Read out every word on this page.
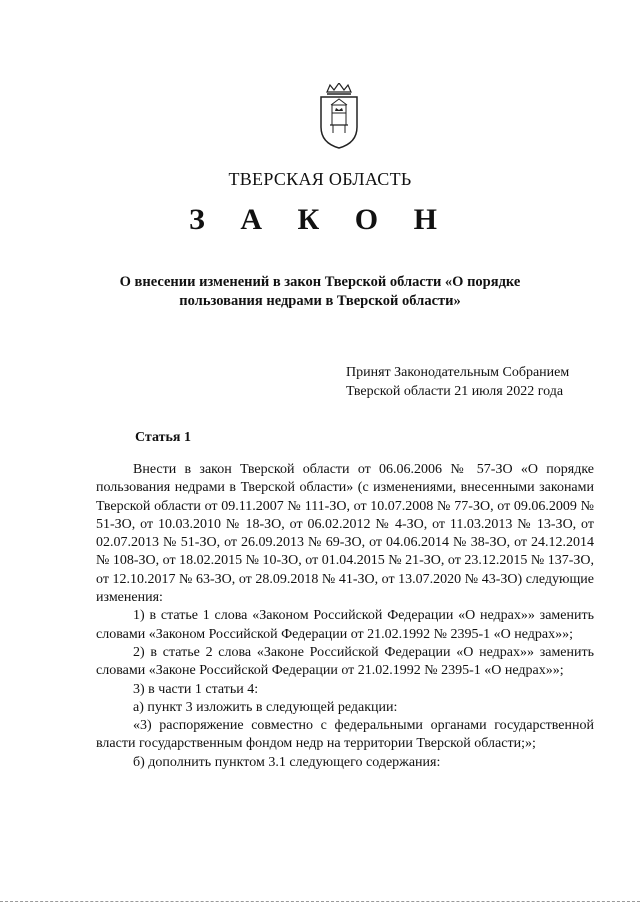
ТВЕРСКАЯ ОБЛАСТЬ
З А К О Н
О внесении изменений в закон Тверской области «О порядке
пользования недрами в Тверской области»
Принят Законодательным Собранием
Тверской области 21 июля 2022 года
Статья 1

Внести в закон Тверской области от 06.06.2006 № 57-ЗО «О порядке пользования недрами в Тверской области» (с изменениями, внесенными законами Тверской области от 09.11.2007 № 111-ЗО, от 10.07.2008 № 77-ЗО, от 09.06.2009 № 51-ЗО, от 10.03.2010 № 18-ЗО, от 06.02.2012 № 4-ЗО, от 11.03.2013 № 13-ЗО, от 02.07.2013 № 51-ЗО, от 26.09.2013 № 69-ЗО, от 04.06.2014 № 38-ЗО, от 24.12.2014 № 108-ЗО, от 18.02.2015 № 10-ЗО, от 01.04.2015 № 21-ЗО, от 23.12.2015 № 137-ЗО, от 12.10.2017 № 63-ЗО, от 28.09.2018 № 41-ЗО, от 13.07.2020 № 43-ЗО) следующие изменения:

1) в статье 1 слова «Законом Российской Федерации «О недрах»» заменить словами «Законом Российской Федерации от 21.02.1992 № 2395-1 «О недрах»»;

2) в статье 2 слова «Законе Российской Федерации «О недрах»» заменить словами «Законе Российской Федерации от 21.02.1992 № 2395-1 «О недрах»»;

3) в части 1 статьи 4:

а) пункт 3 изложить в следующей редакции:

«3) распоряжение совместно с федеральными органами государственной власти государственным фондом недр на территории Тверской области;»;

б) дополнить пунктом 3.1 следующего содержания:
